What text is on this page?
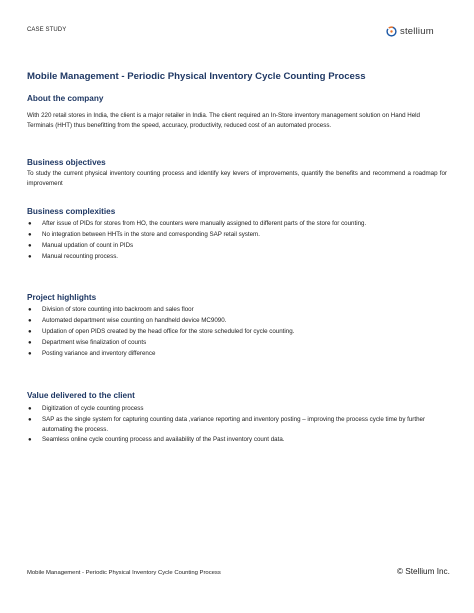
CASE STUDY	stellium
Mobile Management - Periodic Physical Inventory Cycle Counting Process
About the company

With 220 retail stores in India, the client is a major retailer in India. The client required an In-Store inventory management solution on Hand Held Terminals (HHT) thus benefitting from the speed, accuracy, productivity, reduced cost of an automated process.

Business objectives

To study the current physical inventory counting process and identify key levers of improvements, quantify the benefits and recommend a roadmap for improvement

Business complexities
● After issue of PIDs for stores from HO, the counters were manually assigned to different parts of the store for counting.
● No integration between HHTs in the store and corresponding SAP retail system.
● Manual updation of count in PIDs
● Manual recounting process.
Project highlights
● Division of store counting into backroom and sales floor
● Automated department wise counting on handheld device MC9090.
● Updation of open PIDS created by the head office for the store scheduled for cycle counting.
● Department wise finalization of counts
● Posting variance and inventory difference
Value delivered to the client
● Digitization of cycle counting process
● SAP as the single system for capturing counting data ,variance reporting and inventory posting – improving the process cycle time by further automating the process.
● Seamless online cycle counting process and availability of the Past inventory count data.
Mobile Management - Periodic Physical Inventory Cycle Counting Process	© Stellium Inc.
